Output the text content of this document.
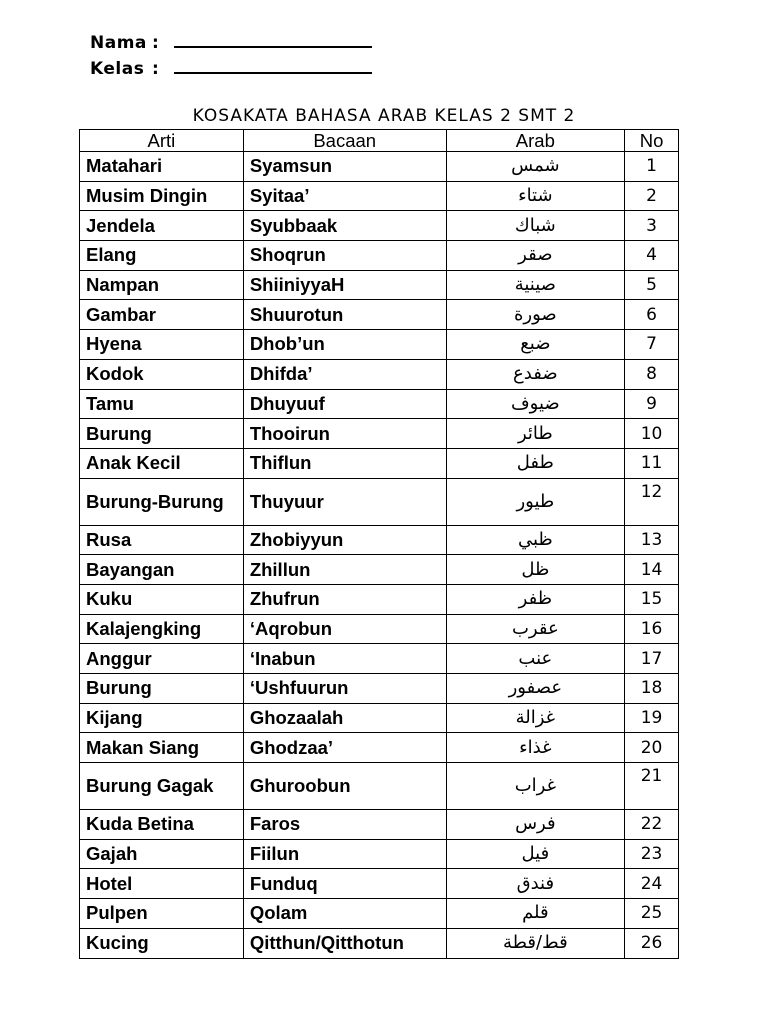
Nama :
Kelas :
KOSAKATA BAHASA ARAB KELAS 2 SMT 2
Arti	Bacaan	Arab	No
Matahari	Syamsun	شمس	1
Musim Dingin	Syitaa’	شتاء	2
Jendela	Syubbaak	شباك	3
Elang	Shoqrun	صقر	4
Nampan	ShiiniyyaH	صينية	5
Gambar	Shuurotun	صورة	6
Hyena	Dhob’un	ضبع	7
Kodok	Dhifda’	ضفدع	8
Tamu	Dhuyuuf	ضيوف	9
Burung	Thooirun	طائر	10
Anak Kecil	Thiflun	طفل	11
Burung-Burung	Thuyuur	طيور	12
Rusa	Zhobiyyun	ظبي	13
Bayangan	Zhillun	ظل	14
Kuku	Zhufrun	ظفر	15
Kalajengking	‘Aqrobun	عقرب	16
Anggur	‘Inabun	عنب	17
Burung	‘Ushfuurun	عصفور	18
Kijang	Ghozaalah	غزالة	19
Makan Siang	Ghodzaa’	غذاء	20
Burung Gagak	Ghuroobun	غراب	21
Kuda Betina	Faros	فرس	22
Gajah	Fiilun	فيل	23
Hotel	Funduq	فندق	24
Pulpen	Qolam	قلم	25
Kucing	Qitthun/Qitthotun	قط/قطة	26
